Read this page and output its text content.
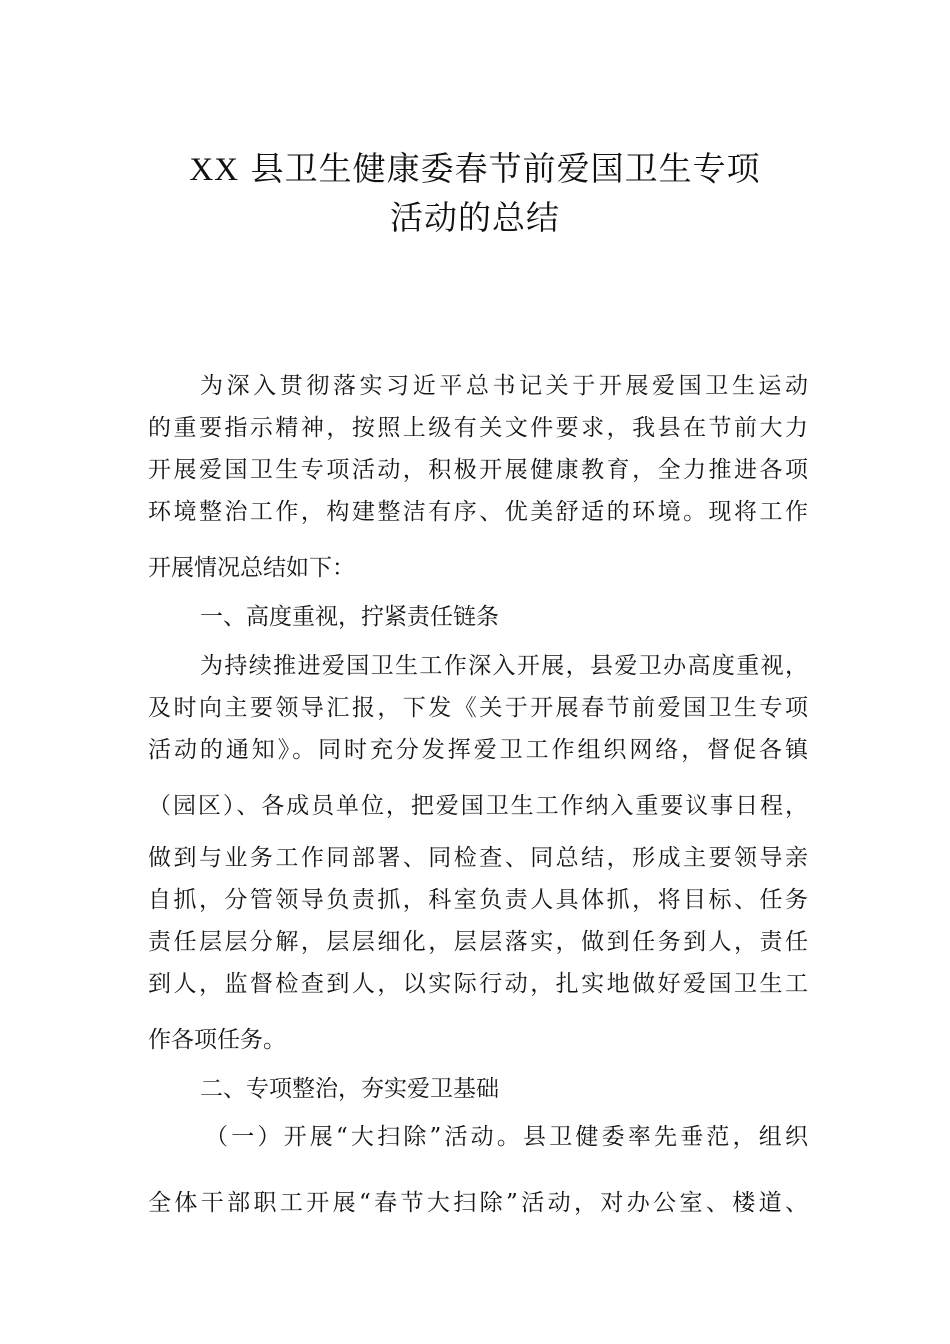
XX 县卫生健康委春节前爱国卫生专项
活动的总结
为深入贯彻落实习近平总书记关于开展爱国卫生运动
的重要指示精神，按照上级有关文件要求，我县在节前大力
开展爱国卫生专项活动，积极开展健康教育，全力推进各项
环境整治工作，构建整洁有序、优美舒适的环境。现将工作
开展情况总结如下：
一、高度重视，拧紧责任链条
为持续推进爱国卫生工作深入开展，县爱卫办高度重视，
及时向主要领导汇报，下发《关于开展春节前爱国卫生专项
活动的通知》。同时充分发挥爱卫工作组织网络，督促各镇
（园区）、各成员单位，把爱国卫生工作纳入重要议事日程，
做到与业务工作同部署、同检查、同总结，形成主要领导亲
自抓，分管领导负责抓，科室负责人具体抓，将目标、任务
责任层层分解，层层细化，层层落实，做到任务到人，责任
到人，监督检查到人，以实际行动，扎实地做好爱国卫生工
作各项任务。
二、专项整治，夯实爱卫基础
（一）开展“大扫除”活动。县卫健委率先垂范，组织
全体干部职工开展“春节大扫除”活动，对办公室、楼道、
